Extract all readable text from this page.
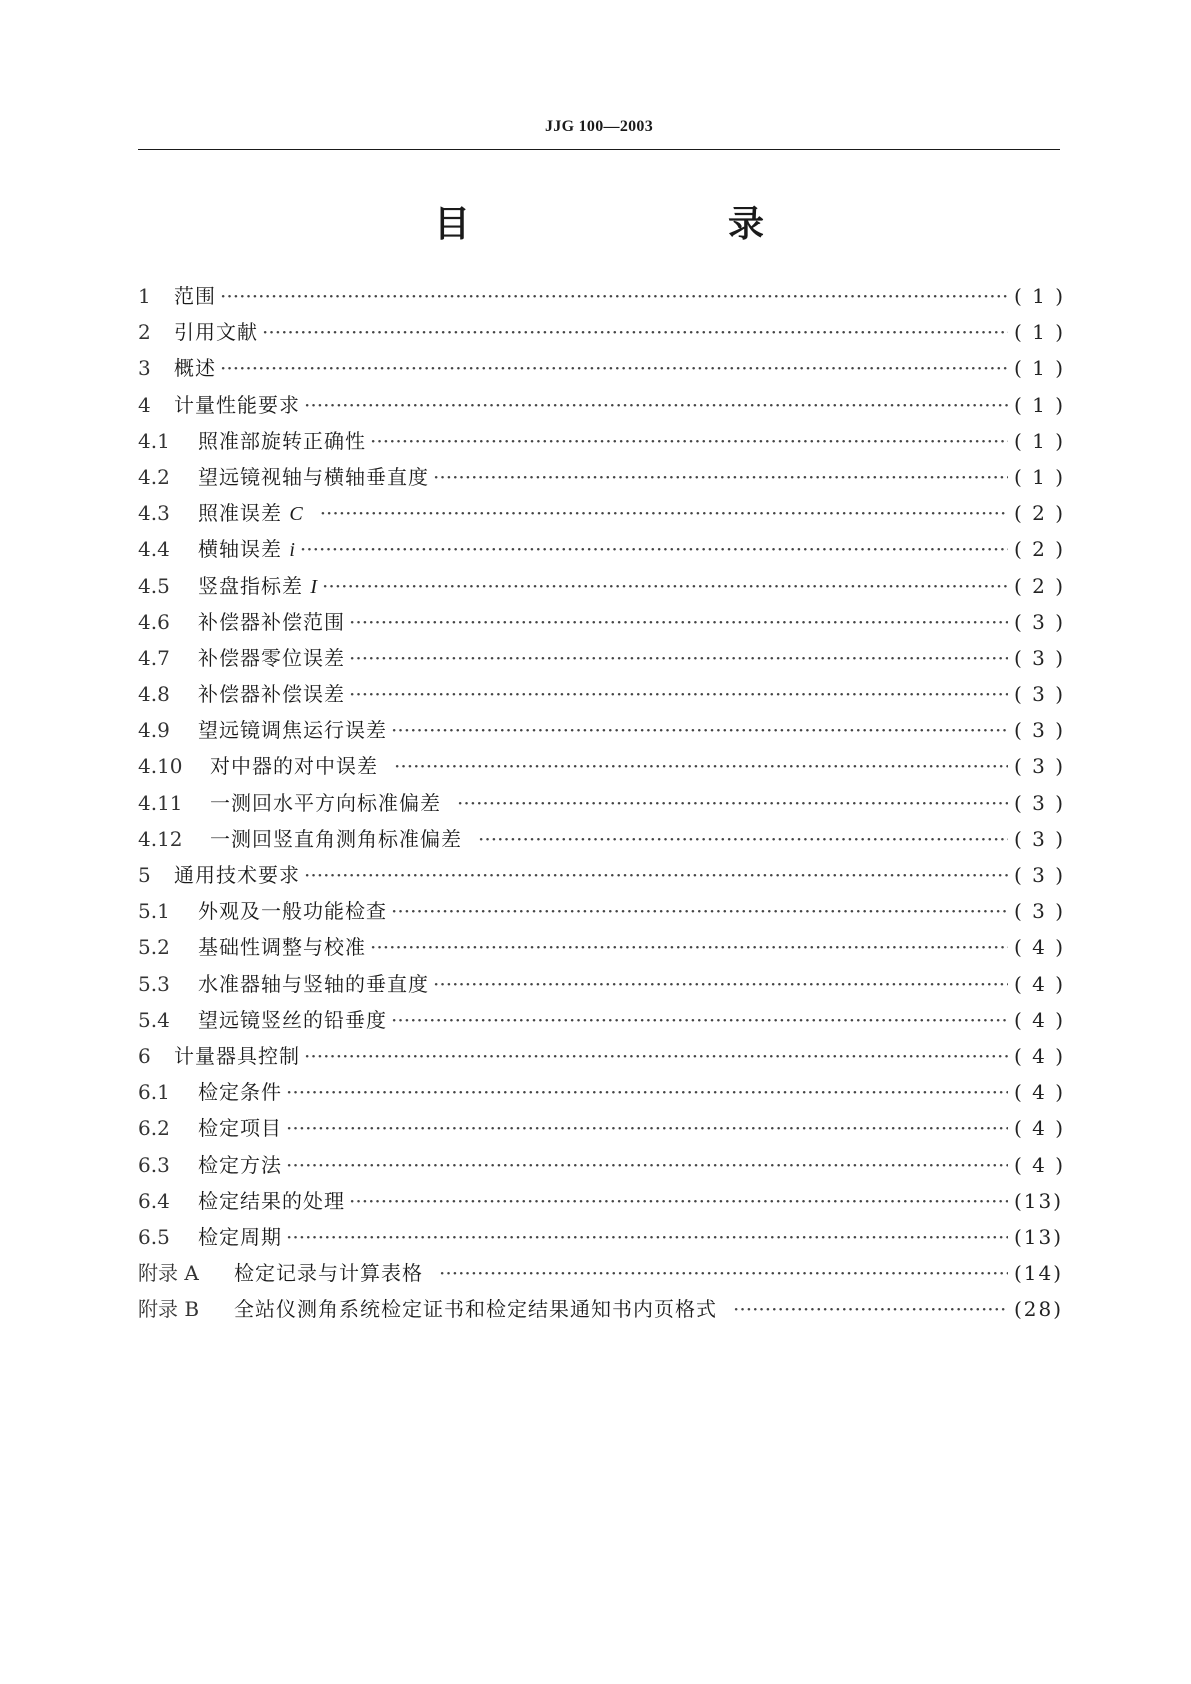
JJG 100—2003
目　　录
1	范围 ·····	( 1 )
2	引用文献 ·····	( 1 )
3	概述 ·····	( 1 )
4	计量性能要求 ·····	( 1 )
4.1	照准部旋转正确性 ·····	( 1 )
4.2	望远镜视轴与横轴垂直度 ·····	( 1 )
4.3	照准误差 C ·····	( 2 )
4.4	横轴误差 i ·····	( 2 )
4.5	竖盘指标差 I ·····	( 2 )
4.6	补偿器补偿范围 ·····	( 3 )
4.7	补偿器零位误差 ·····	( 3 )
4.8	补偿器补偿误差 ·····	( 3 )
4.9	望远镜调焦运行误差 ·····	( 3 )
4.10	对中器的对中误差 ·····	( 3 )
4.11	一测回水平方向标准偏差 ·····	( 3 )
4.12	一测回竖直角测角标准偏差 ·····	( 3 )
5	通用技术要求 ·····	( 3 )
5.1	外观及一般功能检查 ·····	( 3 )
5.2	基础性调整与校准 ·····	( 4 )
5.3	水准器轴与竖轴的垂直度 ·····	( 4 )
5.4	望远镜竖丝的铅垂度 ·····	( 4 )
6	计量器具控制 ·····	( 4 )
6.1	检定条件 ·····	( 4 )
6.2	检定项目 ·····	( 4 )
6.3	检定方法 ·····	( 4 )
6.4	检定结果的处理 ·····	(13)
6.5	检定周期 ·····	(13)
附录 A	检定记录与计算表格 ·····	(14)
附录 B	全站仪测角系统检定证书和检定结果通知书内页格式 ·····	(28)
